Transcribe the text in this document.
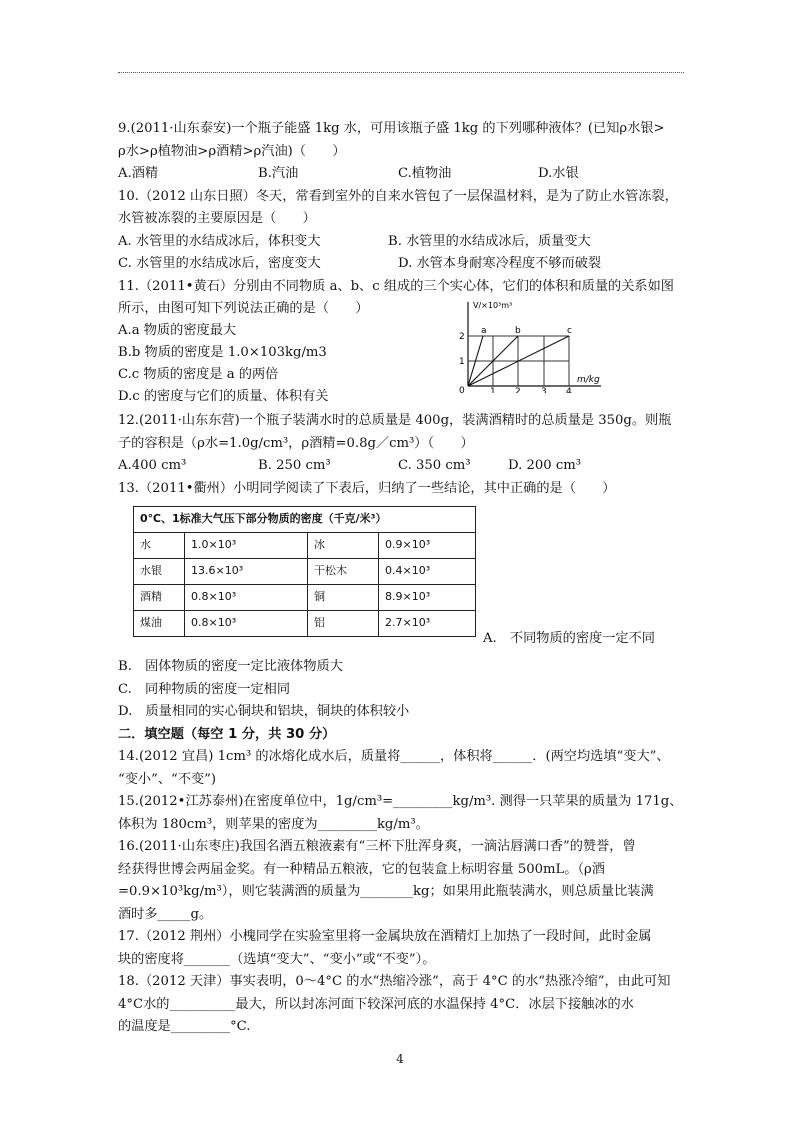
9.(2011·山东泰安)一个瓶子能盛 1kg 水，可用该瓶子盛 1kg 的下列哪种液体？(已知ρ水银>
ρ水>ρ植物油>ρ酒精>ρ汽油)（　　）
A.酒精	B.汽油	C.植物油	D.水银
10.（2012 山东日照）冬天，常看到室外的自来水管包了一层保温材料，是为了防止水管冻裂，
水管被冻裂的主要原因是（　　）
A. 水管里的水结成冰后，体积变大	B. 水管里的水结成冰后，质量变大
C. 水管里的水结成冰后，密度变大	D. 水管本身耐寒冷程度不够而破裂
11.（2011•黄石）分别由不同物质 a、b、c 组成的三个实心体，它们的体积和质量的关系如图
所示，由图可知下列说法正确的是（　　）
A.a 物质的密度最大
B.b 物质的密度是 1.0×103kg/m3
C.c 物质的密度是 a 的两倍
D.c 的密度与它们的质量、体积有关
V/×10³m³
m/kg
0
2
1
1 2 3 4
a	b	c
12.(2011·山东东营)一个瓶子装满水时的总质量是 400g，装满酒精时的总质量是 350g。则瓶
子的容积是（ρ水=1.0g/cm³，ρ酒精=0.8g／cm³）（　　）
A.400 cm³	B. 250 cm³	C. 350 cm³	D. 200 cm³
13.（2011•衢州）小明同学阅读了下表后，归纳了一些结论，其中正确的是（　　）
0℃、1标准大气压下部分物质的密度（千克/米³）			
水	1.0×10³	冰	0.9×10³
水银	13.6×10³	干松木	0.4×10³
酒精	0.8×10³	铜	8.9×10³
煤油	0.8×10³	铝	2.7×10³
A.　不同物质的密度一定不同
B.　固体物质的密度一定比液体物质大
C.　同种物质的密度一定相同
D.　质量相同的实心铜块和铝块，铜块的体积较小
二．填空题（每空 1 分，共 30 分）
14.(2012 宜昌) 1cm³ 的冰熔化成水后，质量将______，体积将______．(两空均选填“变大”、
“变小”、“不变”)
15.(2012•江苏泰州)在密度单位中，1g/cm³=_________kg/m³. 测得一只苹果的质量为 171g、
体积为 180cm³，则苹果的密度为_________kg/m³。
16.(2011·山东枣庄)我国名酒五粮液素有“三杯下肚浑身爽，一滴沾唇满口香”的赞誉，曾
经获得世博会两届金奖。有一种精品五粮液，它的包装盒上标明容量 500mL。（ρ酒
=0.9×10³kg/m³），则它装满酒的质量为________kg；如果用此瓶装满水，则总质量比装满
酒时多_____g。
17.（2012 荆州）小槐同学在实验室里将一金属块放在酒精灯上加热了一段时间，此时金属
块的密度将_______（选填“变大”、“变小”或“不变”）。
18.（2012 天津）事实表明，0～4°C 的水“热缩冷涨”，高于 4°C 的水“热涨冷缩”，由此可知
4°C水的__________最大，所以封冻河面下较深河底的水温保持 4°C．冰层下接触冰的水
的温度是_________°C.
4
